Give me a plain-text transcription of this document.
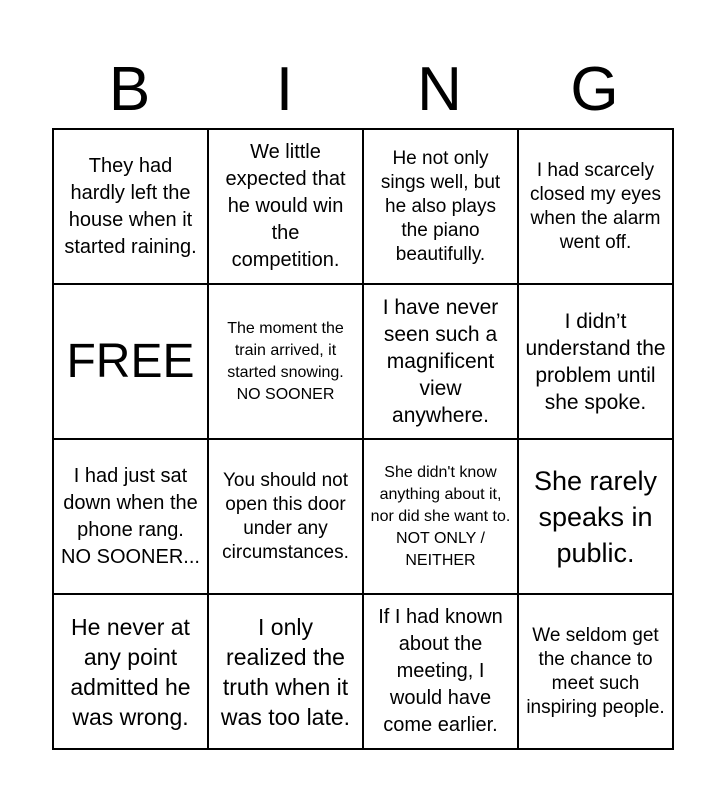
B	I	N	G
They had hardly left the house when it started raining.	We little expected that he would win the competition.	He not only sings well, but he also plays the piano beautifully.	I had scarcely closed my eyes when the alarm went off.
FREE	The moment the train arrived, it started snowing. NO SOONER	I have never seen such a magnificent view anywhere.	I didn’t understand the problem until she spoke.
I had just sat down when the phone rang. NO SOONER...	You should not open this door under any circumstances.	She didn't know anything about it, nor did she want to. NOT ONLY / NEITHER	She rarely speaks in public.
He never at any point admitted he was wrong.	I only realized the truth when it was too late.	If I had known about the meeting, I would have come earlier.	We seldom get the chance to meet such inspiring people.
